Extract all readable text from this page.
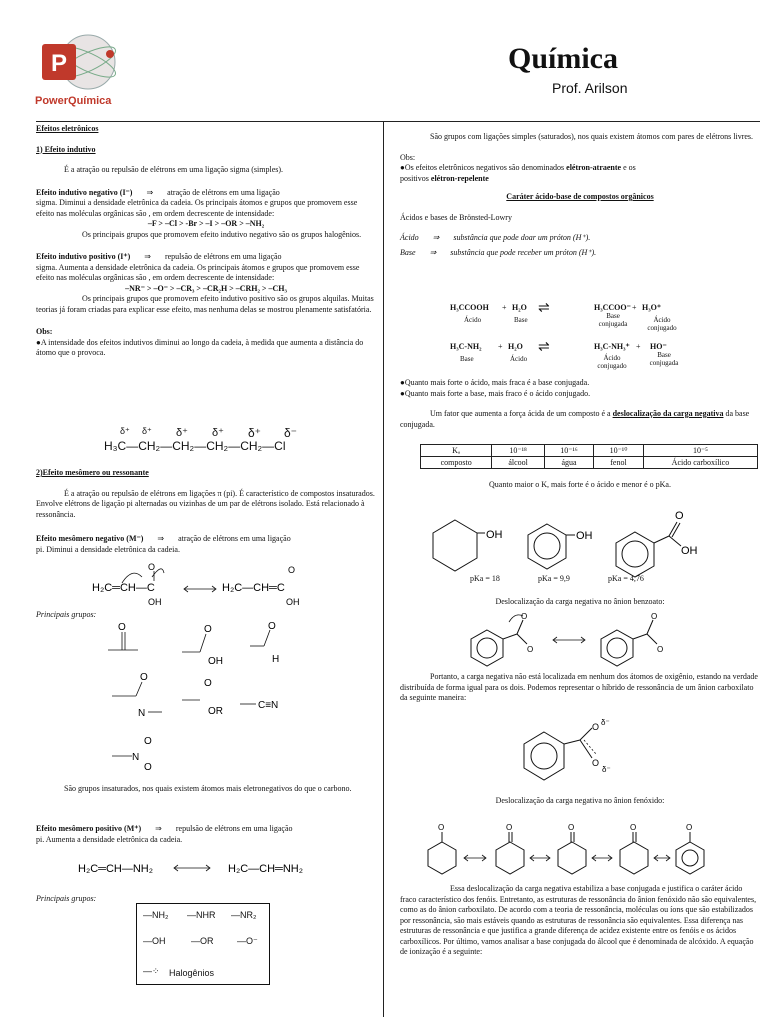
P
PowerQuímica
Química
Prof. Arilson

Efeitos eletrônicos

1) Efeito indutivo

É a atração ou repulsão de elétrons em uma ligação sigma (simples).

Efeito indutivo negativo (I⁻) ⇒ atração de elétrons em uma ligação

sigma. Diminui a densidade eletrônica da cadeia. Os principais átomos e grupos que promovem esse efeito nas moléculas orgânicas são , em ordem decrescente de intensidade:

–F > –Cl > -Br > –I > –OR > –NH₂

Os principais grupos que promovem efeito indutivo negativo são os grupos halogênios.

Efeito indutivo positivo (I⁺) ⇒ repulsão de elétrons em uma ligação

sigma. Aumenta a densidade eletrônica da cadeia. Os principais átomos e grupos que promovem esse efeito nas moléculas orgânicas são , em ordem decrescente de intensidade:

–NR⁻ > –O⁻ > –CR₃ > –CR₂H > –CRH₂ > –CH₃

Os principais grupos que promovem efeito indutivo positivo são os grupos alquilas. Muitas teorias já foram criadas para explicar esse efeito, mas nenhuma delas se mostrou plenamente satisfatória.

Obs:

●A intensidade dos efeitos indutivos diminui ao longo da cadeia, à medida que aumenta a distância do átomo que o provoca.

δ⁺ δ⁺ δ⁺ δ⁺ δ⁺ δ⁻
H₃C—CH₂—CH₂—CH₂—CH₂—Cl

2)Efeito mesômero ou ressonante

É a atração ou repulsão de elétrons em ligações π (pi). É característico de compostos insaturados. Envolve elétrons de ligação pi alternadas ou vizinhas de um par de elétrons isolado. Está relacionado à ressonância.

Efeito mesômero negativo (M⁻) ⇒ atração de elétrons em uma ligação

pi. Diminui a densidade eletrônica da cadeia.

H₂C═CH—C
O
OH
H₂C—CH═C
O
OH
Principais grupos:
O	O
OH
O
H
O
N
O
OR
C≡N
N
O
O
São grupos insaturados, nos quais existem átomos mais eletronegativos do que o carbono.

Efeito mesômero positivo (M⁺) ⇒ repulsão de elétrons em uma ligação

pi. Aumenta a densidade eletrônica da cadeia.

H₂C═CH—NH₂	H₂C—CH═NH₂
Principais grupos:
—NH₂ —NHR —NR₂
—OH	—OR	—O⁻
—⁘ Halogênios

São grupos com ligações simples (saturados), nos quais existem átomos com pares de elétrons livres.

Obs:

●Os efeitos eletrônicos negativos são denominados elétron-atraente e os

positivos elétron-repelente

Caráter ácido-base de compostos orgânicos

Ácidos e bases de Brönsted-Lowry

Ácido ⇒ substância que pode doar um próton (H⁺).

Base ⇒ substância que pode receber um próton (H⁺).

H₃CCOOH + H₂O ⇌	H₃CCOO⁻ + H₃O⁺
Ácido	Base	Base conjugada	Ácido conjugado
H₃C-NH₂ + H₂O ⇌	H₃C-NH₃⁺ + HO⁻
Base	Ácido	Ácido conjugado
Base conjugada

●Quanto mais forte o ácido, mais fraca é a base conjugada.

●Quanto mais forte a base, mais fraco é o ácido conjugado.

Um fator que aumenta a força ácida de um composto é a deslocalização da carga negativa da base conjugada.

Kₐ	10⁻¹⁸	10⁻¹⁶	10⁻¹⁰	10⁻⁵
composto	álcool	água	fenol	Ácido carboxílico
Quanto maior o K, mais forte é o ácido e menor é o pKa.
OH	OH
O
OH
pKa = 18	pKa = 9,9	pKa = 4,76
Deslocalização da carga negativa no ânion benzoato:
O
O
O
O
Portanto, a carga negativa não está localizada em nenhum dos átomos de oxigênio, estando na verdade distribuída de forma igual para os dois. Podemos representar o híbrido de ressonância de um ânion carboxilato da seguinte maneira:
O δ⁻
O
δ⁻
Deslocalização da carga negativa no ânion fenóxido:
O	O	O	O	O
Essa deslocalização da carga negativa estabiliza a base conjugada e justifica o caráter ácido fraco característico dos fenóis. Entretanto, as estruturas de ressonância do ânion fenóxido não são equivalentes, como as do ânion carboxilato. De acordo com a teoria de ressonância, moléculas ou íons que são estabilizados por ressonância, são mais estáveis quando as estruturas de ressonância são equivalentes. Essa diferença nas estruturas de ressonância e que justifica a grande diferença de acidez existente entre os fenóis e os ácidos carboxílicos. Por último, vamos analisar a base conjugada do álcool que é denominada de alcóxido. A equação de ionização é a seguinte:
